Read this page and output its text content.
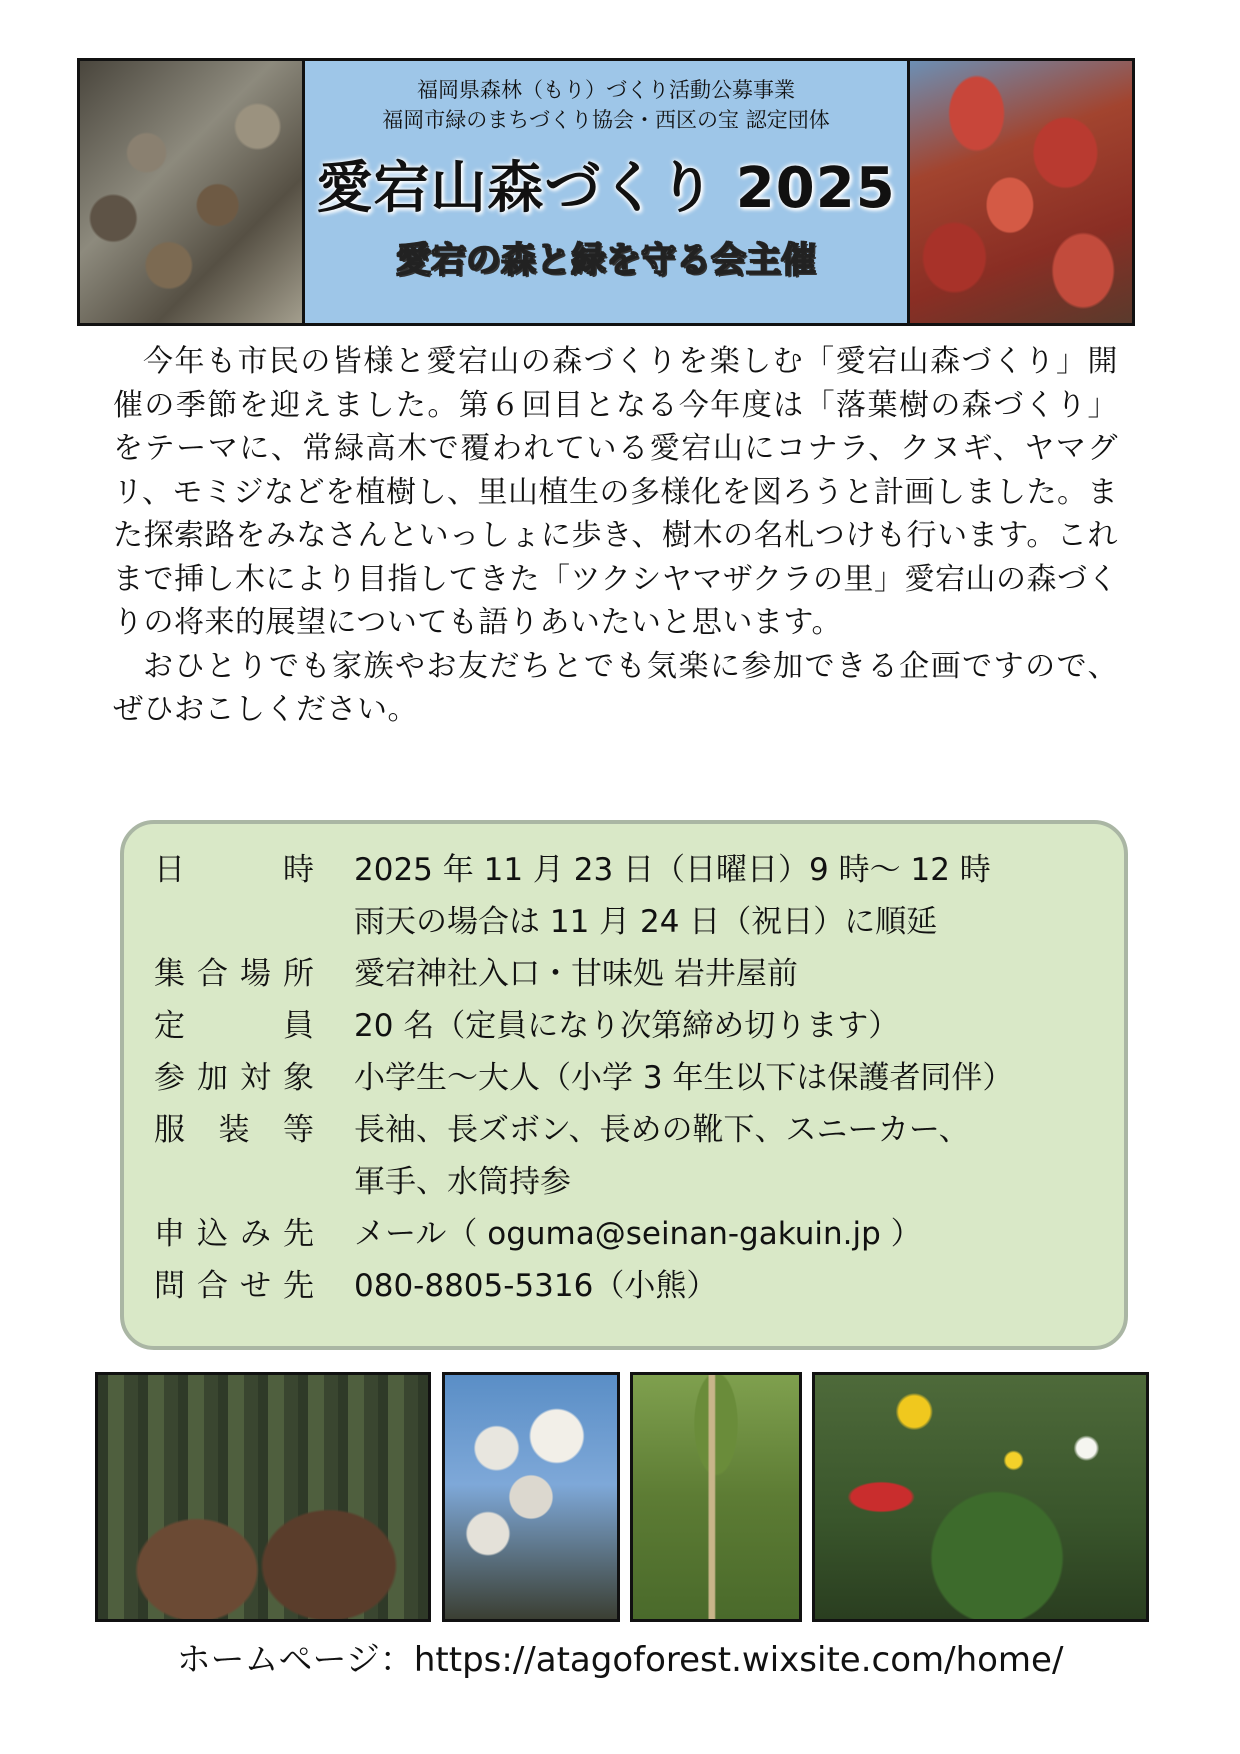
福岡県森林（もり）づくり活動公募事業
福岡市緑のまちづくり協会・西区の宝 認定団体
愛宕山森づくり 2025
愛宕の森と緑を守る会主催

今年も市民の皆様と愛宕山の森づくりを楽しむ「愛宕山森づくり」開催の季節を迎えました。第６回目となる今年度は「落葉樹の森づくり」をテーマに、常緑高木で覆われている愛宕山にコナラ、クヌギ、ヤマグリ、モミジなどを植樹し、里山植生の多様化を図ろうと計画しました。また探索路をみなさんといっしょに歩き、樹木の名札つけも行います。これまで挿し木により目指してきた「ツクシヤマザクラの里」愛宕山の森づくりの将来的展望についても語りあいたいと思います。

おひとりでも家族やお友だちとでも気楽に参加できる企画ですので、ぜひおこしください。

日時 2025 年 11 月 23 日（日曜日）9 時～ 12 時
雨天の場合は 11 月 24 日（祝日）に順延
集合場所 愛宕神社入口・甘味処 岩井屋前
定員 20 名（定員になり次第締め切ります）
参加対象 小学生～大人（小学 3 年生以下は保護者同伴）
服装等 長袖、長ズボン、長めの靴下、スニーカー、
軍手、水筒持参
申込み先 メール（ oguma@seinan-gakuin.jp ）
問合せ先 080-8805-5316（小熊）
ホームページ：https://atagoforest.wixsite.com/home/
